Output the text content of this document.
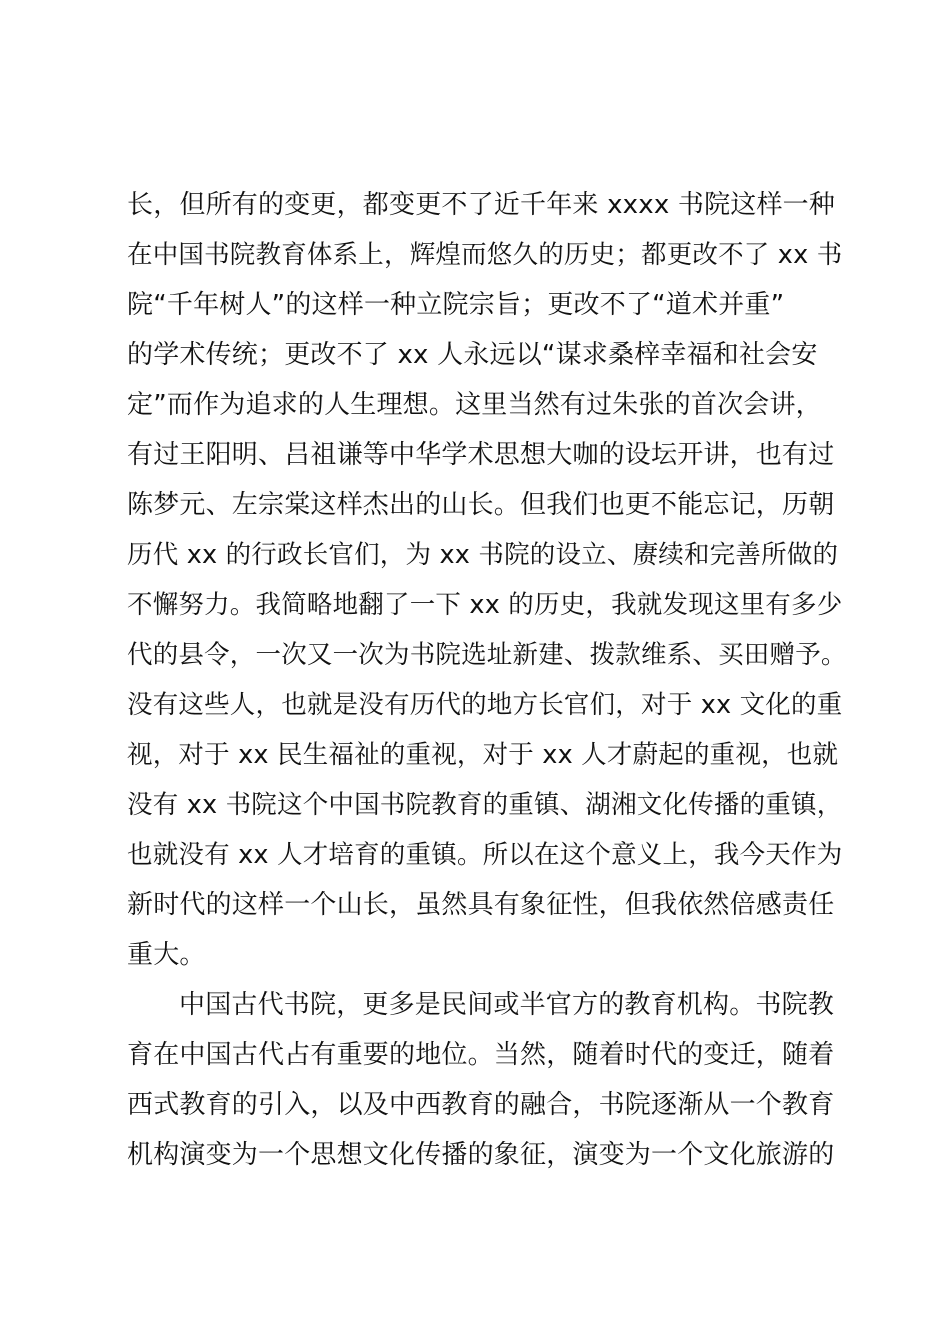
长，但所有的变更，都变更不了近千年来 xxxx 书院这样一种
在中国书院教育体系上，辉煌而悠久的历史；都更改不了 xx 书
院“千年树人”的这样一种立院宗旨；更改不了“道术并重”
的学术传统；更改不了 xx 人永远以“谋求桑梓幸福和社会安
定”而作为追求的人生理想。这里当然有过朱张的首次会讲，
有过王阳明、吕祖谦等中华学术思想大咖的设坛开讲，也有过
陈梦元、左宗棠这样杰出的山长。但我们也更不能忘记，历朝
历代 xx 的行政长官们，为 xx 书院的设立、赓续和完善所做的
不懈努力。我简略地翻了一下 xx 的历史，我就发现这里有多少
代的县令，一次又一次为书院选址新建、拨款维系、买田赠予。
没有这些人，也就是没有历代的地方长官们，对于 xx 文化的重
视，对于 xx 民生福祉的重视，对于 xx 人才蔚起的重视，也就
没有 xx 书院这个中国书院教育的重镇、湖湘文化传播的重镇，
也就没有 xx 人才培育的重镇。所以在这个意义上，我今天作为
新时代的这样一个山长，虽然具有象征性，但我依然倍感责任
重大。
中国古代书院，更多是民间或半官方的教育机构。书院教
育在中国古代占有重要的地位。当然，随着时代的变迁，随着
西式教育的引入，以及中西教育的融合，书院逐渐从一个教育
机构演变为一个思想文化传播的象征，演变为一个文化旅游的
